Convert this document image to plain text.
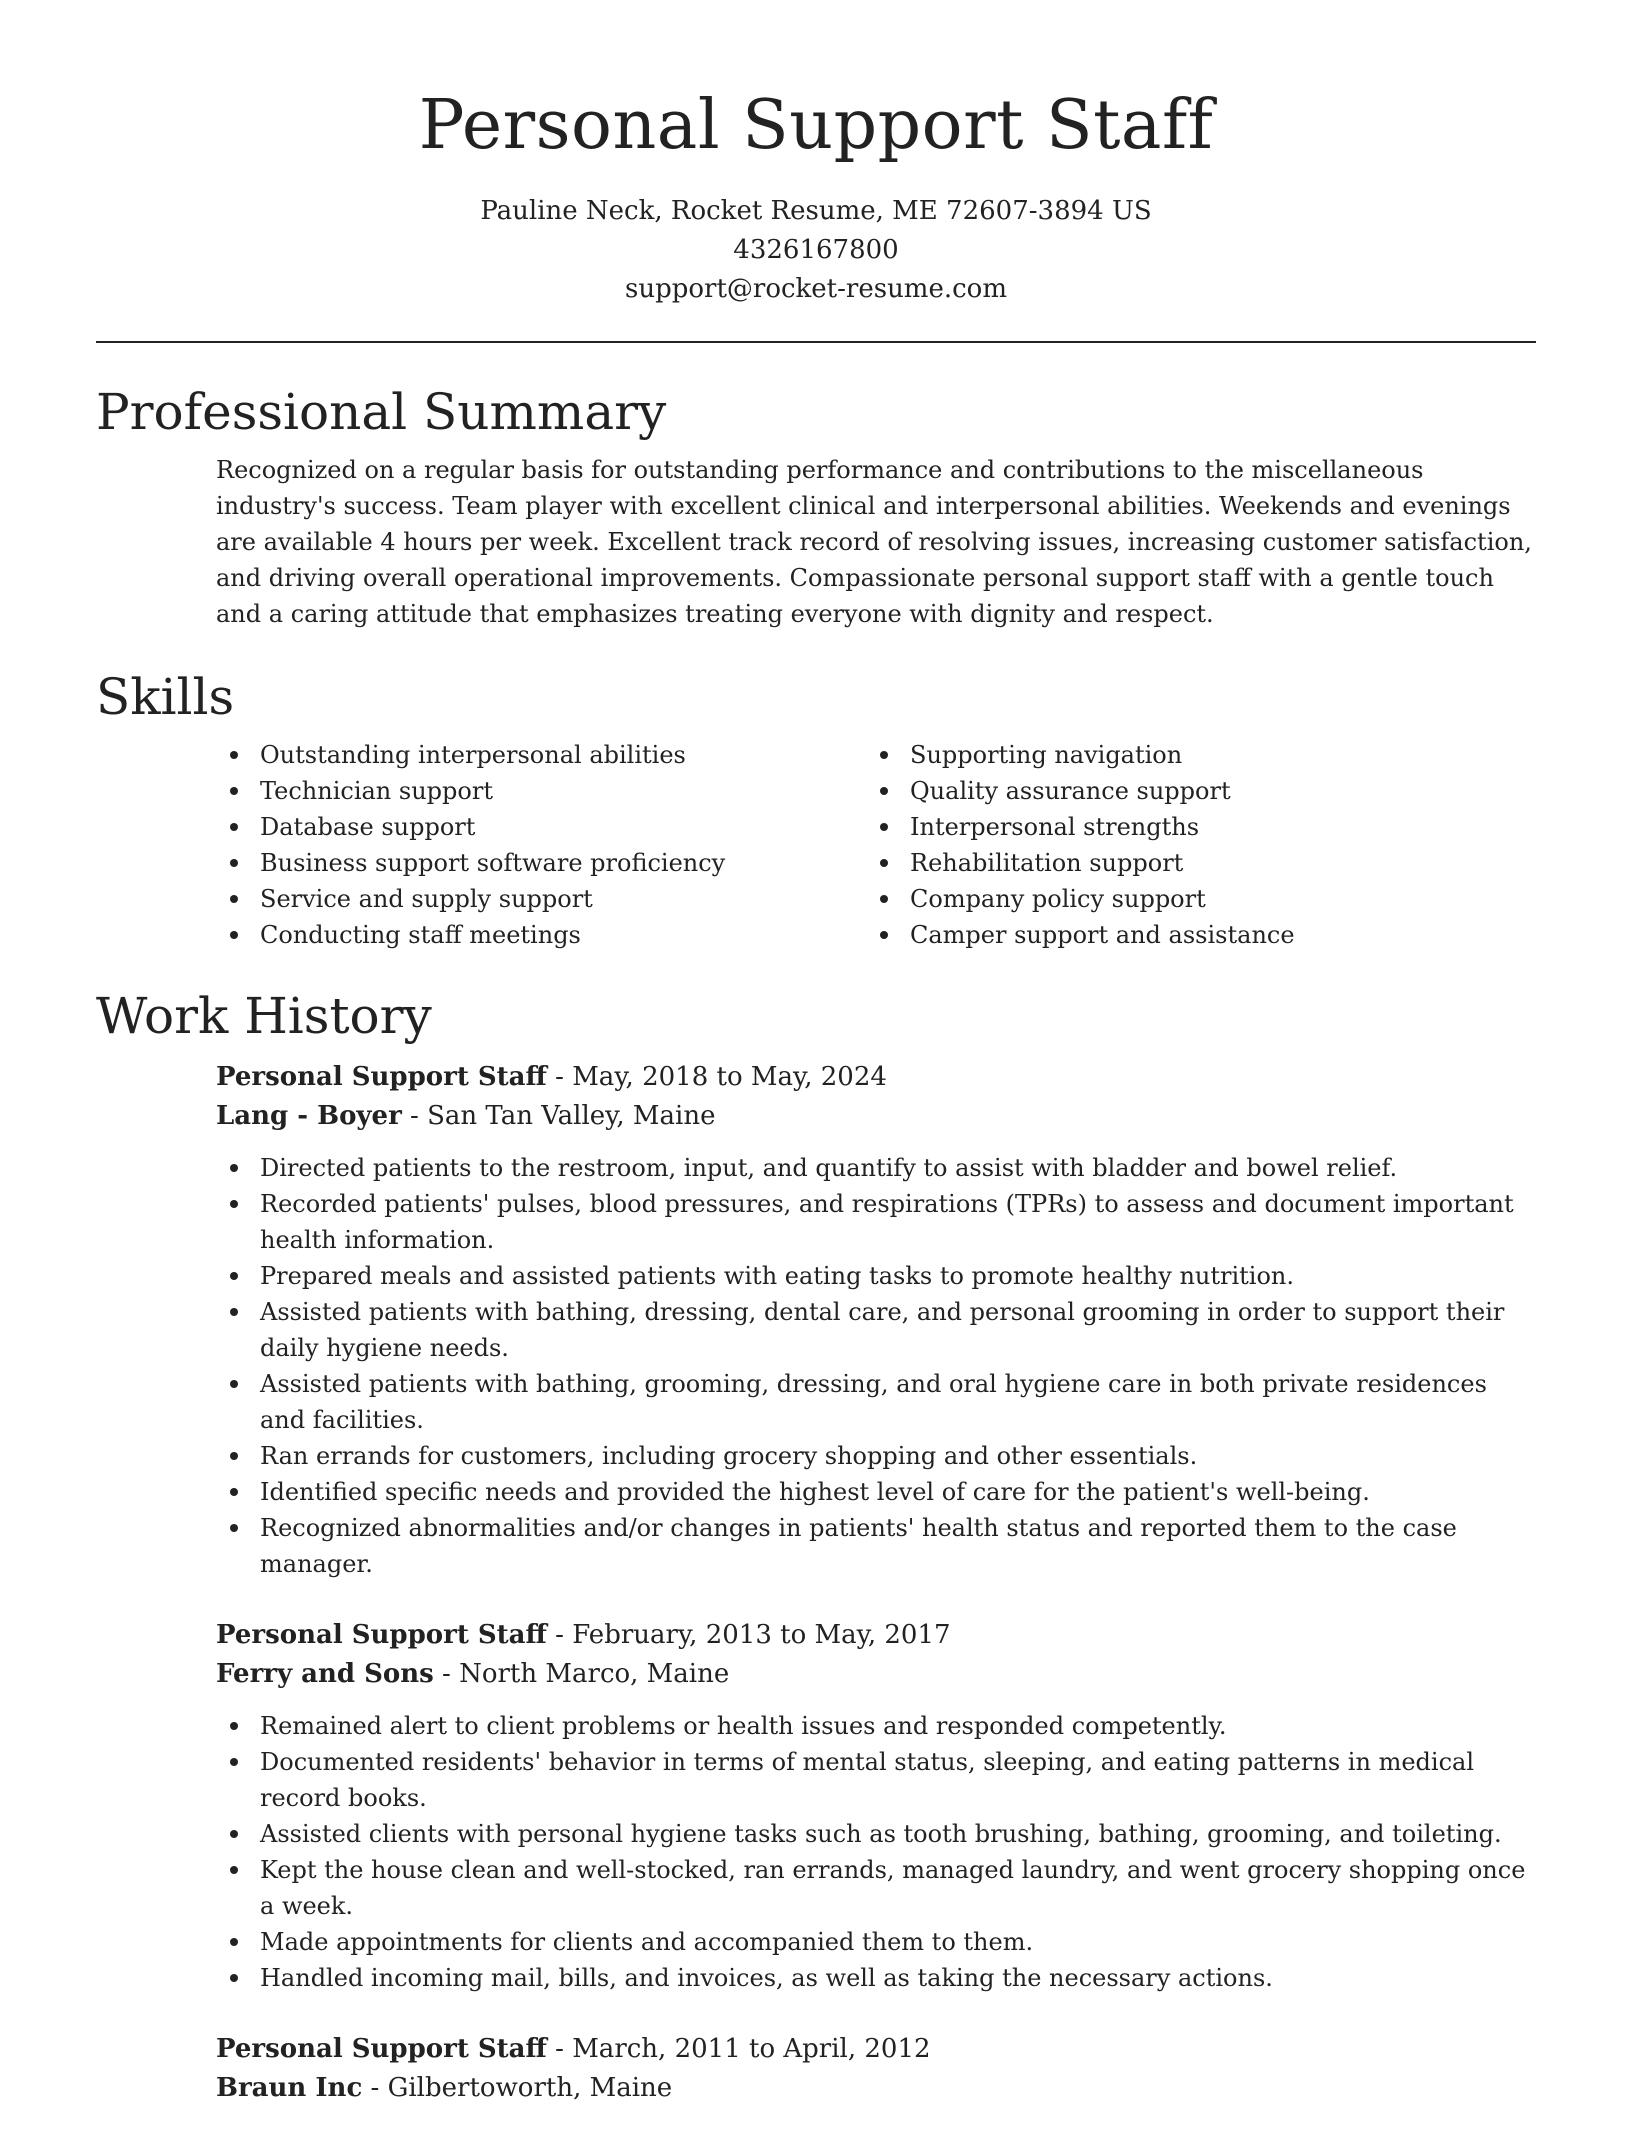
Personal Support Staff
Pauline Neck, Rocket Resume, ME 72607-3894 US
4326167800
support@rocket-resume.com
Professional Summary

Recognized on a regular basis for outstanding performance and contributions to the miscellaneous industry's success. Team player with excellent clinical and interpersonal abilities. Weekends and evenings are available 4 hours per week. Excellent track record of resolving issues, increasing customer satisfaction, and driving overall operational improvements. Compassionate personal support staff with a gentle touch and a caring attitude that emphasizes treating everyone with dignity and respect.

Skills
Outstanding interpersonal abilities
Technician support
Database support
Business support software proficiency
Service and supply support
Conducting staff meetings
Supporting navigation
Quality assurance support
Interpersonal strengths
Rehabilitation support
Company policy support
Camper support and assistance
Work History
Personal Support Staff - May, 2018 to May, 2024
Lang - Boyer - San Tan Valley, Maine
Directed patients to the restroom, input, and quantify to assist with bladder and bowel relief.
Recorded patients' pulses, blood pressures, and respirations (TPRs) to assess and document important health information.
Prepared meals and assisted patients with eating tasks to promote healthy nutrition.
Assisted patients with bathing, dressing, dental care, and personal grooming in order to support their daily hygiene needs.
Assisted patients with bathing, grooming, dressing, and oral hygiene care in both private residences and facilities.
Ran errands for customers, including grocery shopping and other essentials.
Identified specific needs and provided the highest level of care for the patient's well-being.
Recognized abnormalities and/or changes in patients' health status and reported them to the case manager.
Personal Support Staff - February, 2013 to May, 2017
Ferry and Sons - North Marco, Maine
Remained alert to client problems or health issues and responded competently.
Documented residents' behavior in terms of mental status, sleeping, and eating patterns in medical record books.
Assisted clients with personal hygiene tasks such as tooth brushing, bathing, grooming, and toileting.
Kept the house clean and well-stocked, ran errands, managed laundry, and went grocery shopping once a week.
Made appointments for clients and accompanied them to them.
Handled incoming mail, bills, and invoices, as well as taking the necessary actions.
Personal Support Staff - March, 2011 to April, 2012
Braun Inc - Gilbertoworth, Maine
